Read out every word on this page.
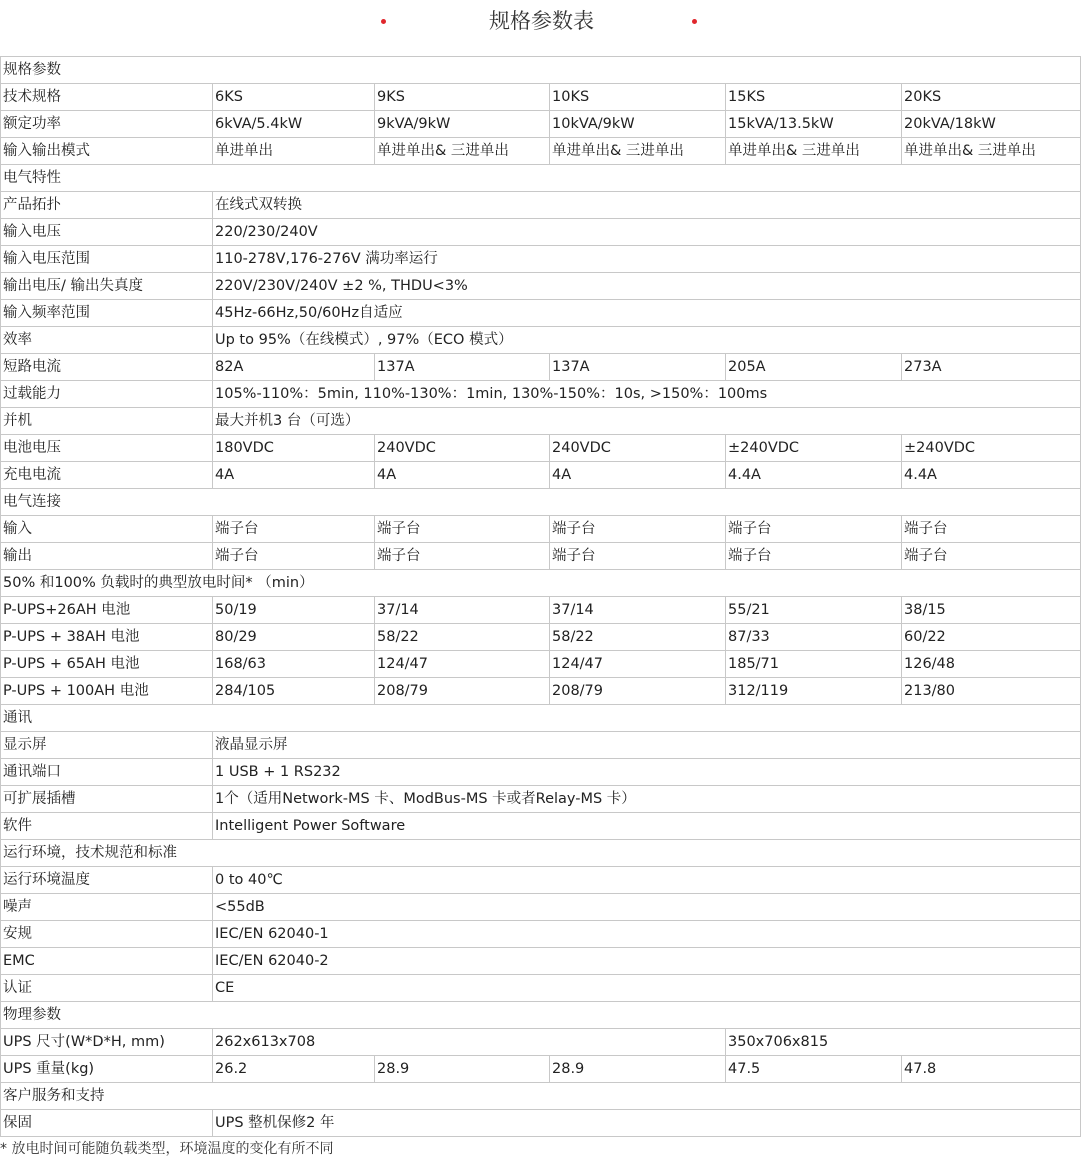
规格参数表
规格参数					
技术规格	6KS	9KS	10KS	15KS	20KS
额定功率	6kVA/5.4kW	9kVA/9kW	10kVA/9kW	15kVA/13.5kW	20kVA/18kW
输入输出模式	单进单出	单进单出& 三进单出	单进单出& 三进单出	单进单出& 三进单出	单进单出& 三进单出
电气特性					
产品拓扑	在线式双转换				
输入电压	220/230/240V				
输入电压范围	110-278V,176-276V 满功率运行				
输出电压/ 输出失真度	220V/230V/240V ±2 %, THDU<3%				
输入频率范围	45Hz-66Hz,50/60Hz自适应				
效率	Up to 95%（在线模式）, 97%（ECO 模式）				
短路电流	82A	137A	137A	205A	273A
过载能力	105%-110%：5min, 110%-130%：1min, 130%-150%：10s, >150%：100ms				
并机	最大并机3 台（可选）				
电池电压	180VDC	240VDC	240VDC	±240VDC	±240VDC
充电电流	4A	4A	4A	4.4A	4.4A
电气连接					
输入	端子台	端子台	端子台	端子台	端子台
输出	端子台	端子台	端子台	端子台	端子台
50% 和100% 负载时的典型放电时间* （min）					
P-UPS+26AH 电池	50/19	37/14	37/14	55/21	38/15
P-UPS + 38AH 电池	80/29	58/22	58/22	87/33	60/22
P-UPS + 65AH 电池	168/63	124/47	124/47	185/71	126/48
P-UPS + 100AH 电池	284/105	208/79	208/79	312/119	213/80
通讯					
显示屏	液晶显示屏				
通讯端口	1 USB + 1 RS232				
可扩展插槽	1个（适用Network-MS 卡、ModBus-MS 卡或者Relay-MS 卡）				
软件	Intelligent Power Software				
运行环境，技术规范和标准					
运行环境温度	0 to 40℃				
噪声	<55dB				
安规	IEC/EN 62040-1				
EMC	IEC/EN 62040-2				
认证	CE				
物理参数					
UPS 尺寸(W*D*H, mm)	262x613x708			350x706x815	
UPS 重量(kg)	26.2	28.9	28.9	47.5	47.8
客户服务和支持					
保固	UPS 整机保修2 年				
* 放电时间可能随负载类型，环境温度的变化有所不同
